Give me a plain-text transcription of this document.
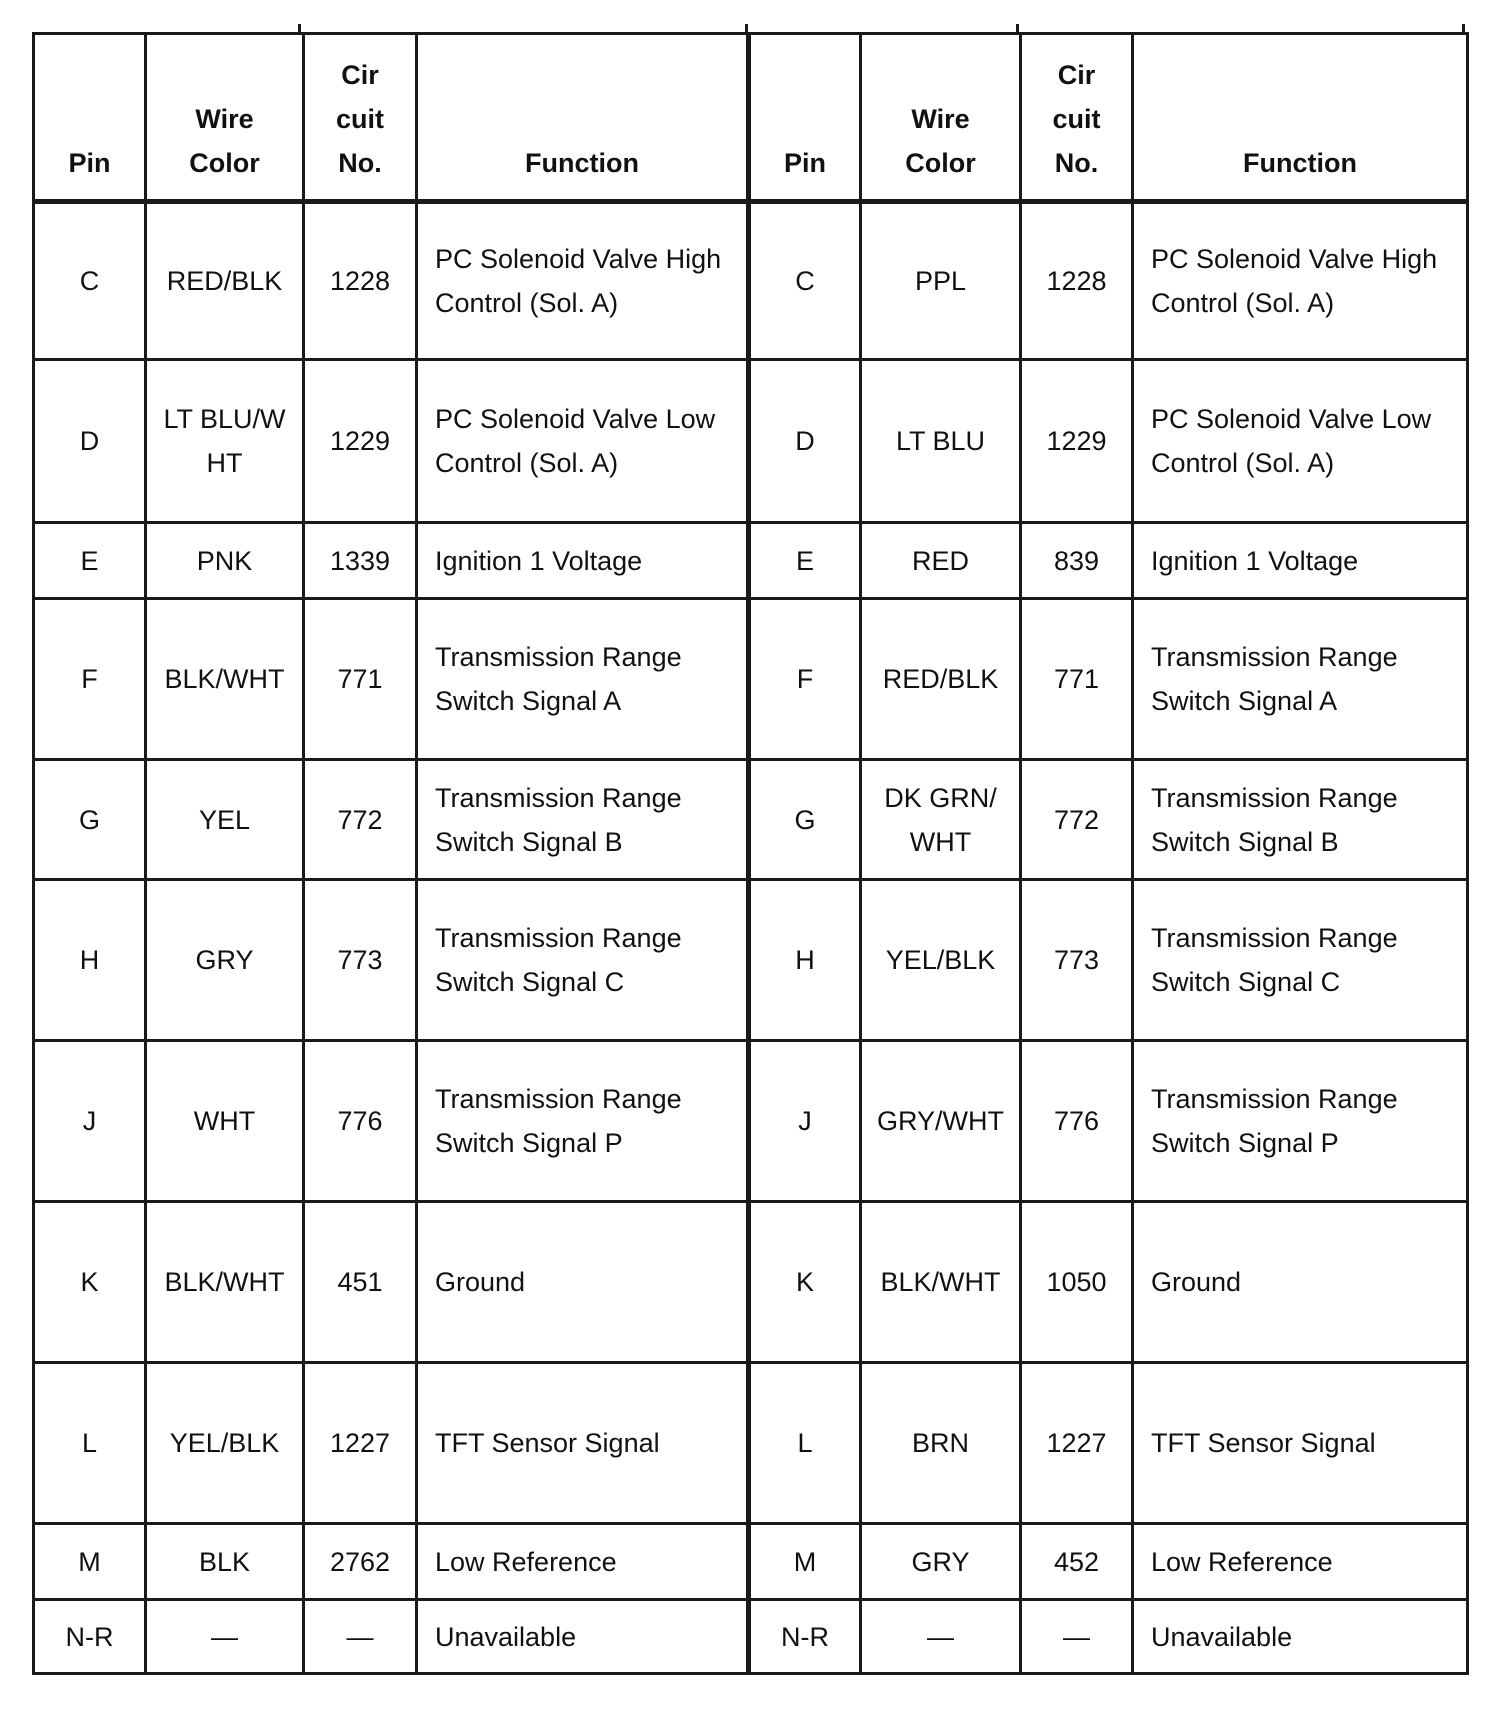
Pin	Wire Color	Cir cuit No.	Function	Pin	Wire Color	Cir cuit No.	Function
C	RED/BLK	1228	PC Solenoid Valve High Control (Sol. A)	C	PPL	1228	PC Solenoid Valve High Control (Sol. A)
D	LT BLU/WHT	1229	PC Solenoid Valve Low Control (Sol. A)	D	LT BLU	1229	PC Solenoid Valve Low Control (Sol. A)
E	PNK	1339	Ignition 1 Voltage	E	RED	839	Ignition 1 Voltage
F	BLK/WHT	771	Transmission Range Switch Signal A	F	RED/BLK	771	Transmission Range Switch Signal A
G	YEL	772	Transmission Range Switch Signal B	G	DK GRN/WHT	772	Transmission Range Switch Signal B
H	GRY	773	Transmission Range Switch Signal C	H	YEL/BLK	773	Transmission Range Switch Signal C
J	WHT	776	Transmission Range Switch Signal P	J	GRY/WHT	776	Transmission Range Switch Signal P
K	BLK/WHT	451	Ground	K	BLK/WHT	1050	Ground
L	YEL/BLK	1227	TFT Sensor Signal	L	BRN	1227	TFT Sensor Signal
M	BLK	2762	Low Reference	M	GRY	452	Low Reference
N-R	—	—	Unavailable	N-R	—	—	Unavailable
